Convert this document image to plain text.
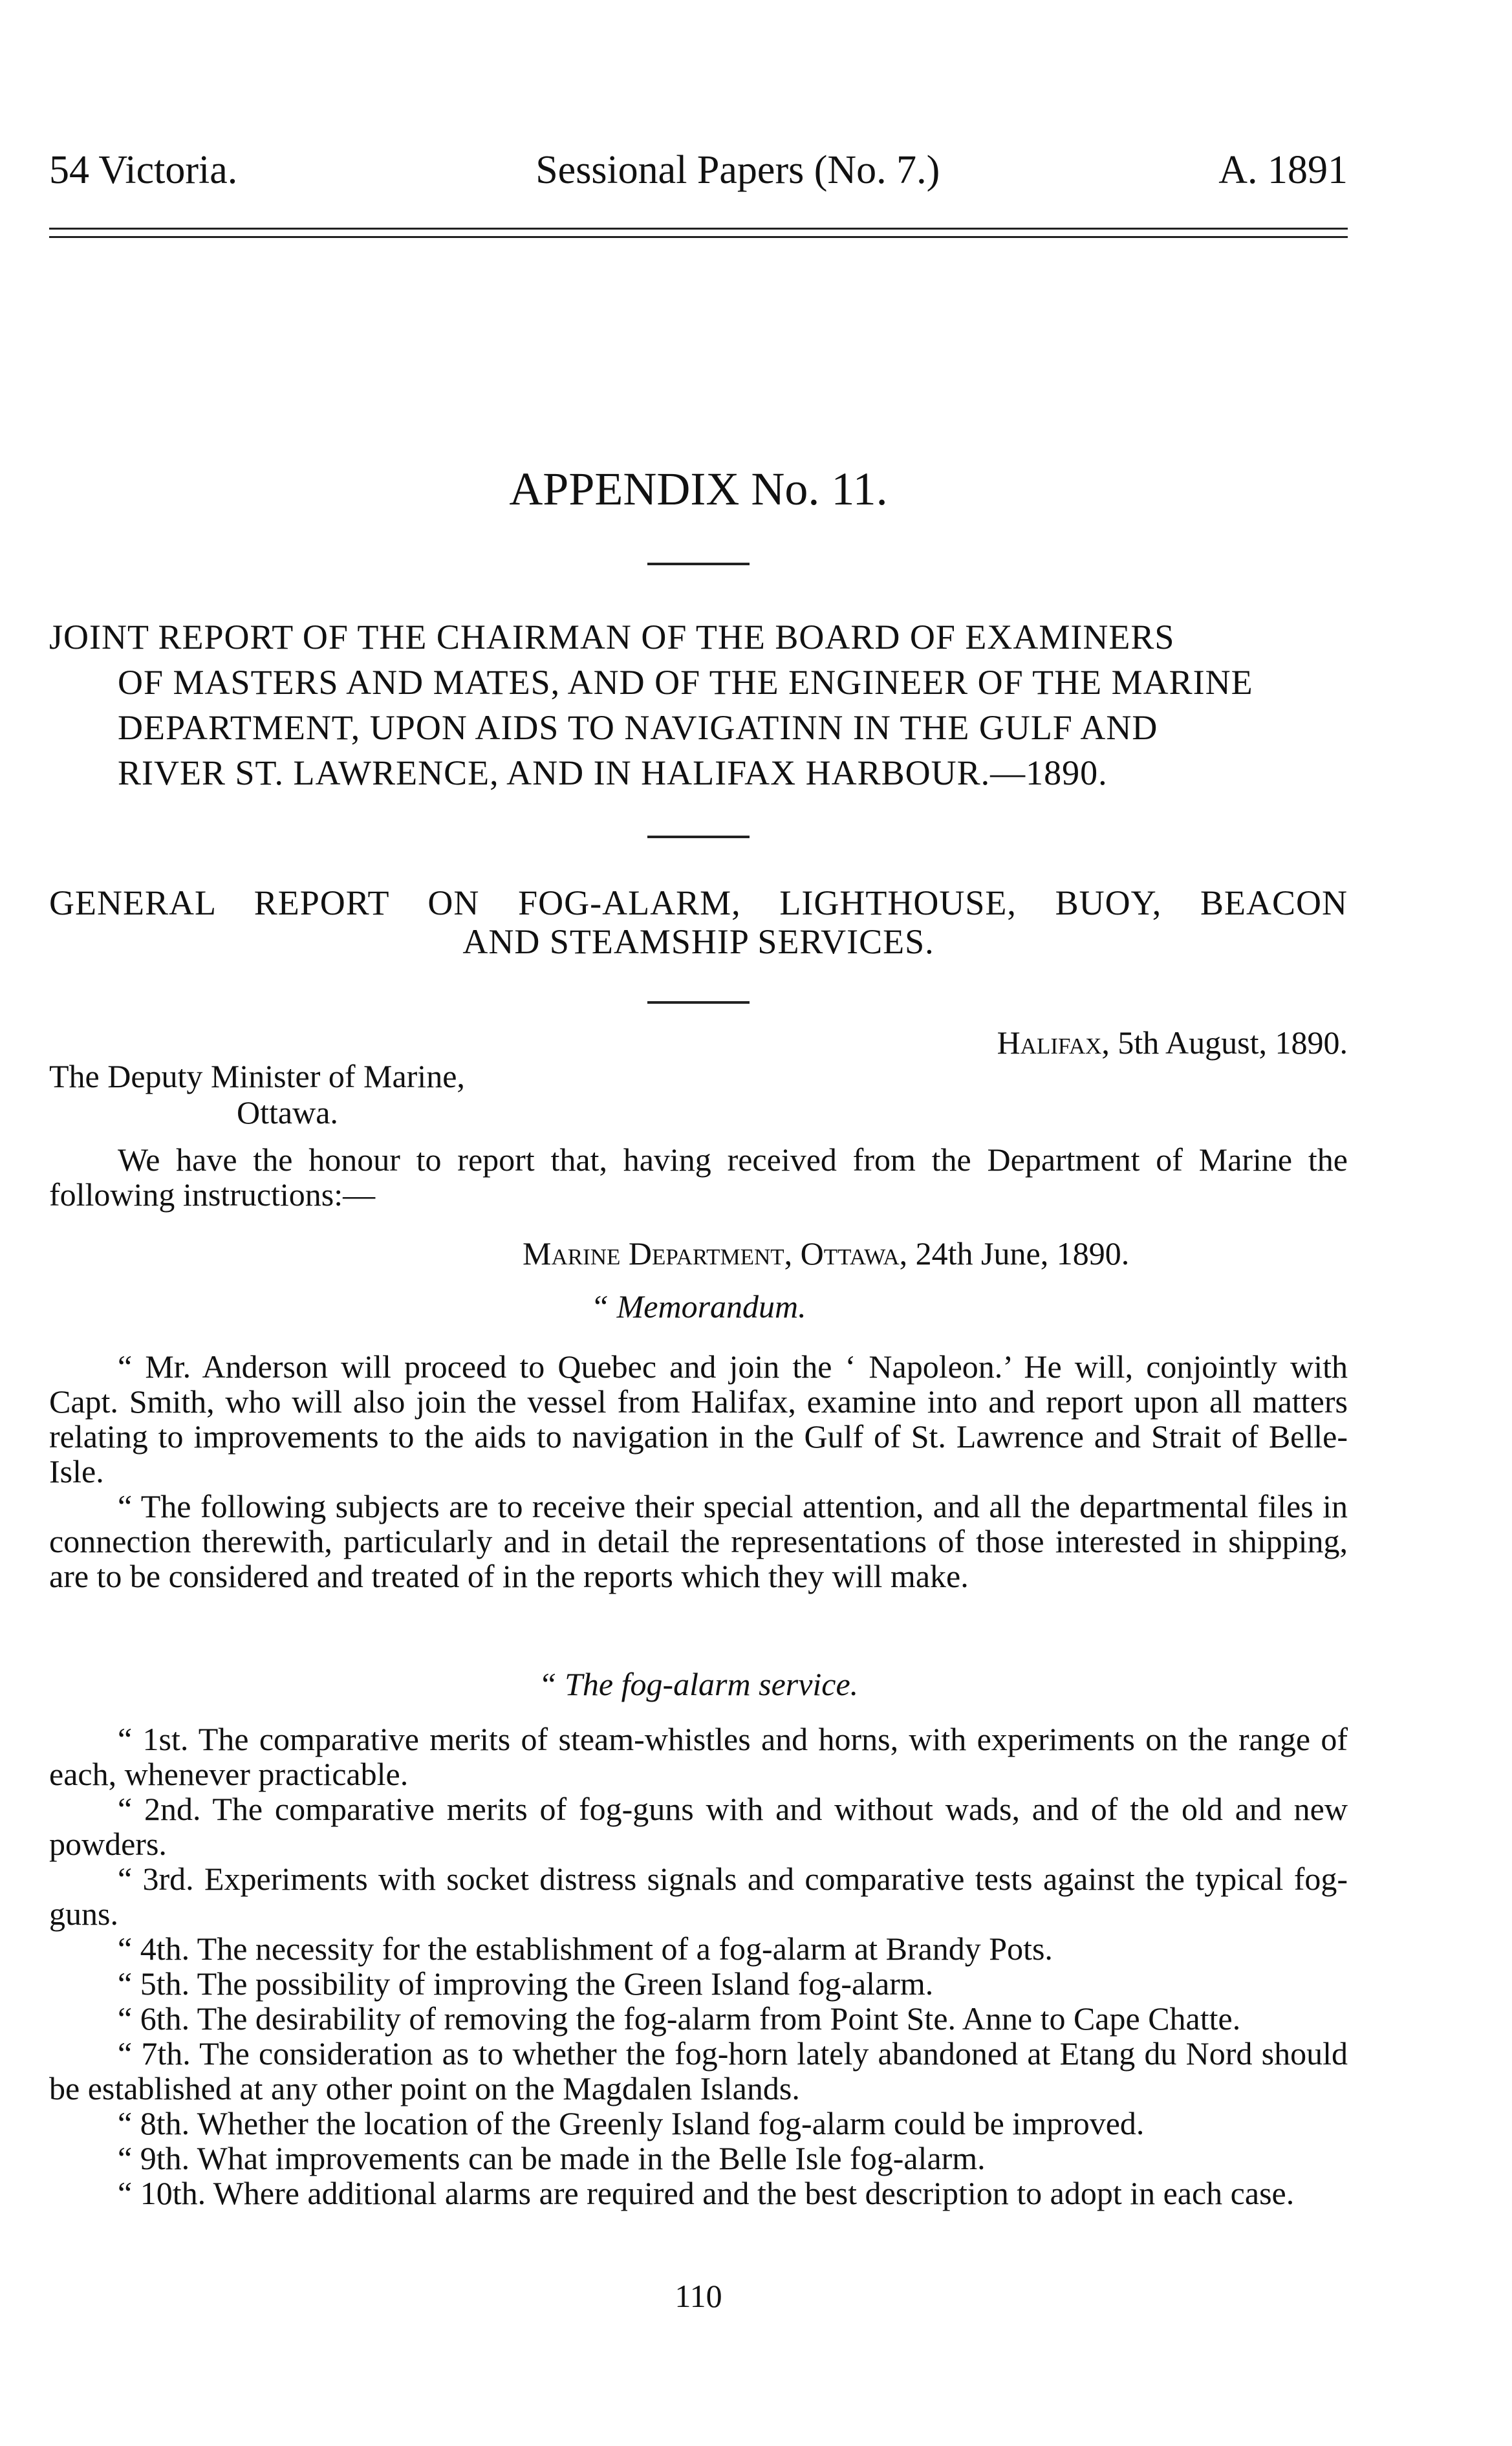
54 Victoria.	Sessional Papers (No. 7.)	A. 1891
APPENDIX No. 11.
JOINT REPORT OF THE CHAIRMAN OF THE BOARD OF EXAMINERS
OF MASTERS AND MATES, AND OF THE ENGINEER OF THE MARINE
DEPARTMENT, UPON AIDS TO NAVIGATINN IN THE GULF AND
RIVER ST. LAWRENCE, AND IN HALIFAX HARBOUR.—1890.
GENERAL REPORT ON FOG-ALARM, LIGHTHOUSE, BUOY, BEACON
AND STEAMSHIP SERVICES.
Halifax, 5th August, 1890.
The Deputy Minister of Marine,
Ottawa.

We have the honour to report that, having received from the Department of Marine the following instructions:—

Marine Department, Ottawa, 24th June, 1890.
“ Memorandum.

“ Mr. Anderson will proceed to Quebec and join the ‘ Napoleon.’ He will, conjointly with Capt. Smith, who will also join the vessel from Halifax, examine into and report upon all matters relating to improvements to the aids to navigation in the Gulf of St. Lawrence and Strait of Belle-Isle.

“ The following subjects are to receive their special attention, and all the departmental files in connection therewith, particularly and in detail the representations of those interested in shipping, are to be considered and treated of in the reports which they will make.

“ The fog-alarm service.

“ 1st. The comparative merits of steam-whistles and horns, with experiments on the range of each, whenever practicable.

“ 2nd. The comparative merits of fog-guns with and without wads, and of the old and new powders.

“ 3rd. Experiments with socket distress signals and comparative tests against the typical fog-guns.

“ 4th. The necessity for the establishment of a fog-alarm at Brandy Pots.

“ 5th. The possibility of improving the Green Island fog-alarm.

“ 6th. The desirability of removing the fog-alarm from Point Ste. Anne to Cape Chatte.

“ 7th. The consideration as to whether the fog-horn lately abandoned at Etang du Nord should be established at any other point on the Magdalen Islands.

“ 8th. Whether the location of the Greenly Island fog-alarm could be improved.

“ 9th. What improvements can be made in the Belle Isle fog-alarm.

“ 10th. Where additional alarms are required and the best description to adopt in each case.

110
